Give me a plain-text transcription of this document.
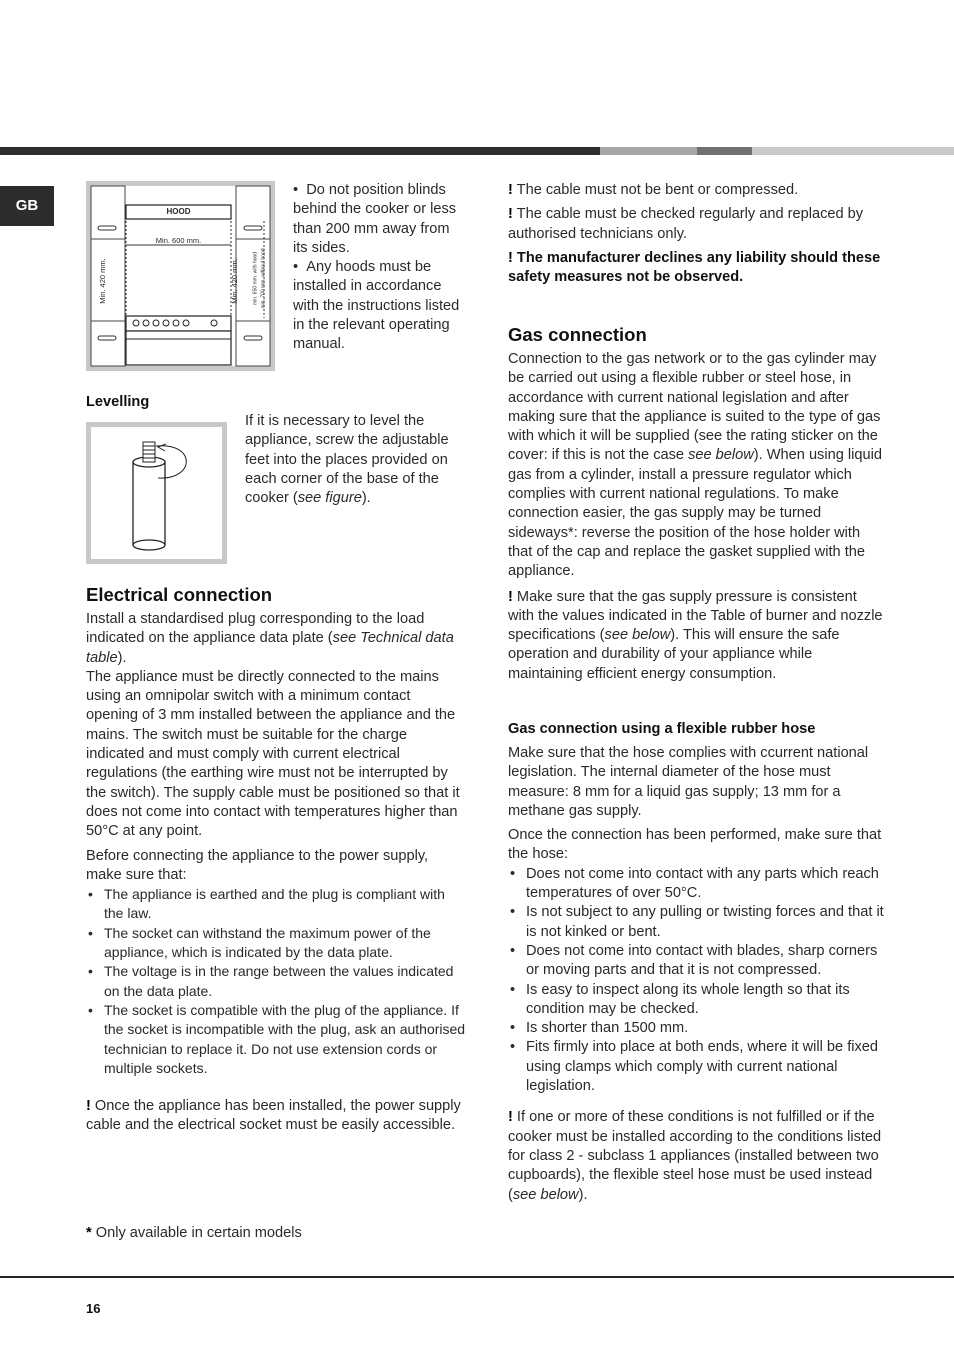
GB	HOOD
Min. 600 mm.
Min. 420 mm.	Min. 420 mm.	min. 650 mm. with hood min. 700 mm. without hood

•  Do not position blinds behind the cooker or less than 200 mm away from its sides.

•  Any hoods must be installed in accordance with the instructions listed in the relevant operating manual.

Levelling

If it is necessary to level the appliance, screw the adjustable feet into the places provided on each corner of the base of the cooker (see figure).

Electrical connection

Install a standardised plug corresponding to the load indicated on the appliance data plate (see Technical data table).

The appliance must be directly connected to the mains using an omnipolar switch with a minimum contact opening of 3 mm installed between the appliance and the mains. The switch must be suitable for the charge indicated and must comply with current electrical regulations (the earthing wire must not be interrupted by the switch). The supply cable must be positioned so that it does not come into contact with temperatures higher than 50°C at any point.

Before connecting the appliance to the power supply, make sure that:

• The appliance is earthed and the plug is compliant with the law.
• The socket can withstand the maximum power of the appliance, which is indicated by the data plate.
• The voltage is in the range between the values indicated on the data plate.
• The socket is compatible with the plug of the appliance. If the socket is incompatible with the plug, ask an authorised technician to replace it. Do not use extension cords or multiple sockets.

! Once the appliance has been installed, the power supply cable and the electrical socket must be easily accessible.

* Only available in certain models

! The cable must not be bent or compressed.

! The cable must be checked regularly and replaced by authorised technicians only.

! The manufacturer declines any liability should these safety measures not be observed.

Gas connection

Connection to the gas network or to the gas cylinder may be carried out using a flexible rubber or steel hose, in accordance with current national legislation and after making sure that the appliance is suited to the type of gas with which it will be supplied (see the rating sticker on the cover: if this is not the case see below). When using liquid gas from a cylinder, install a pressure regulator which complies with current national regulations. To make connection easier, the gas supply may be turned sideways*: reverse the position of the hose holder with that of the cap and replace the gasket supplied with the appliance.

! Make sure that the gas supply pressure is consistent with the values indicated in the Table of burner and nozzle specifications (see below). This will ensure the safe operation and durability of your appliance while maintaining efficient energy consumption.

Gas connection using a flexible rubber hose

Make sure that the hose complies with ccurrent national legislation. The internal diameter of the hose must measure: 8 mm for a liquid gas supply; 13 mm for a methane gas supply.

Once the connection has been performed, make sure that the hose:

• Does not come into contact with any parts which reach temperatures of over 50°C.
• Is not subject to any pulling or twisting forces and that it is not kinked or bent.
• Does not come into contact with blades, sharp corners or moving parts and that it is not compressed.
• Is easy to inspect along its whole length so that its condition may be checked.
• Is shorter than 1500 mm.
• Fits firmly into place at both ends, where it will be fixed using clamps which comply with current national legislation.

! If one or more of these conditions is not fulfilled or if the cooker must be installed according to the conditions listed for class 2 - subclass 1 appliances (installed between two cupboards), the flexible steel hose must be used instead (see below).

16
